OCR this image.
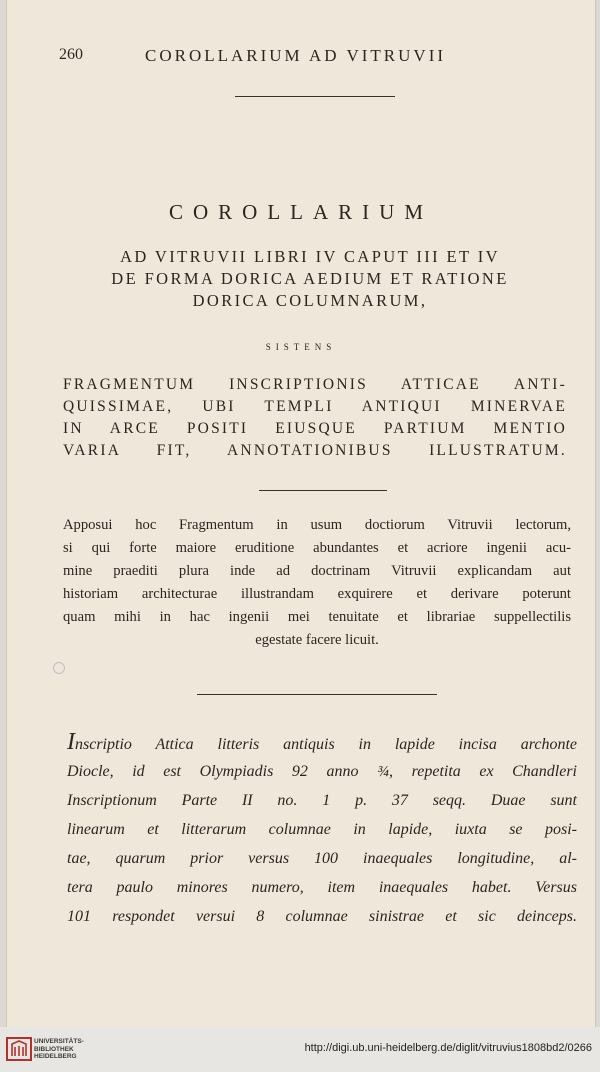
260	COROLLARIUM AD VITRUVII
COROLLARIUM
AD VITRUVII LIBRI IV CAPUT III ET IV
DE FORMA DORICA AEDIUM ET RATIONE
DORICA COLUMNARUM,
SISTENS
FRAGMENTUM INSCRIPTIONIS ATTICAE ANTI-
QUISSIMAE, UBI TEMPLI ANTIQUI MINERVAE
IN ARCE POSITI EIUSQUE PARTIUM MENTIO
VARIA FIT, ANNOTATIONIBUS ILLUSTRATUM.
Apposui hoc Fragmentum in usum doctiorum Vitruvii lectorum,
si qui forte maiore eruditione abundantes et acriore ingenii acu-
mine praediti plura inde ad doctrinam Vitruvii explicandam aut
historiam architecturae illustrandam exquirere et derivare poterunt
quam mihi in hac ingenii mei tenuitate et librariae suppellectilis
egestate facere licuit.
Inscriptio Attica litteris antiquis in lapide incisa archonte
Diocle, id est Olympiadis 92 anno ¾, repetita ex Chandleri
Inscriptionum Parte II no. 1 p. 37 seqq. Duae sunt
linearum et litterarum columnae in lapide, iuxta se posi-
tae, quarum prior versus 100 inaequales longitudine, al-
tera paulo minores numero, item inaequales habet. Versus
101 respondet versui 8 columnae sinistrae et sic deinceps.
UNIVERSITÄTS-
BIBLIOTHEK
HEIDELBERG
http://digi.ub.uni-heidelberg.de/diglit/vitruvius1808bd2/0266
